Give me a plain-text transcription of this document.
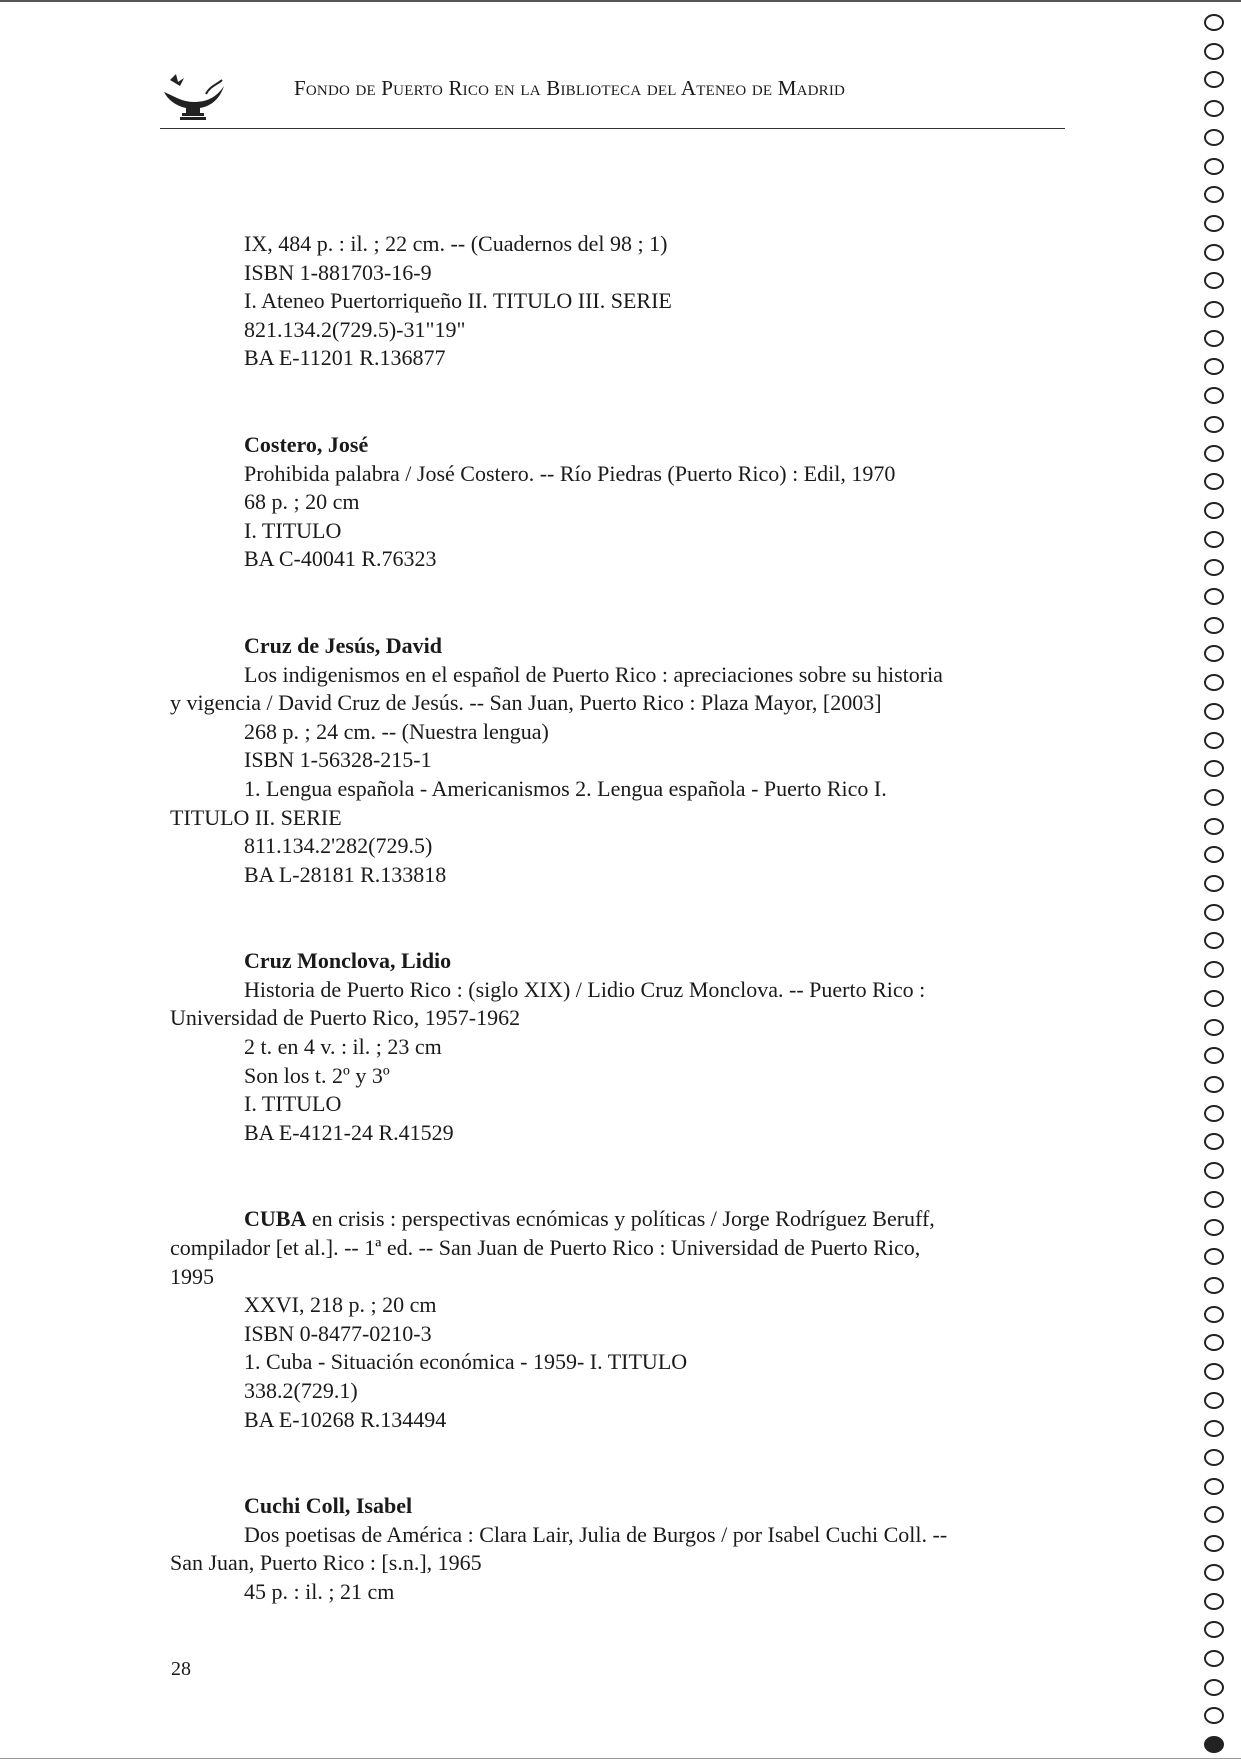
Fondo de Puerto Rico en la Biblioteca del Ateneo de Madrid
IX, 484 p. : il. ; 22 cm. -- (Cuadernos del 98 ; 1)
ISBN 1-881703-16-9
I. Ateneo Puertorriqueño II. TITULO III. SERIE
821.134.2(729.5)-31"19"
BA E-11201 R.136877
Costero, José
Prohibida palabra / José Costero. -- Río Piedras (Puerto Rico) : Edil, 1970
68 p. ; 20 cm
I. TITULO
BA C-40041 R.76323
Cruz de Jesús, David
Los indigenismos en el español de Puerto Rico : apreciaciones sobre su historia
y vigencia / David Cruz de Jesús. -- San Juan, Puerto Rico : Plaza Mayor, [2003]
268 p. ; 24 cm. -- (Nuestra lengua)
ISBN 1-56328-215-1
1. Lengua española - Americanismos 2. Lengua española - Puerto Rico I.
TITULO II. SERIE
811.134.2'282(729.5)
BA L-28181 R.133818
Cruz Monclova, Lidio
Historia de Puerto Rico : (siglo XIX) / Lidio Cruz Monclova. -- Puerto Rico :
Universidad de Puerto Rico, 1957-1962
2 t. en 4 v. : il. ; 23 cm
Son los t. 2º y 3º
I. TITULO
BA E-4121-24 R.41529
CUBA en crisis : perspectivas ecnómicas y políticas / Jorge Rodríguez Beruff,
compilador [et al.]. -- 1ª ed. -- San Juan de Puerto Rico : Universidad de Puerto Rico,
1995
XXVI, 218 p. ; 20 cm
ISBN 0-8477-0210-3
1. Cuba - Situación económica - 1959- I. TITULO
338.2(729.1)
BA E-10268 R.134494
Cuchi Coll, Isabel
Dos poetisas de América : Clara Lair, Julia de Burgos / por Isabel Cuchi Coll. --
San Juan, Puerto Rico : [s.n.], 1965
45 p. : il. ; 21 cm
28
